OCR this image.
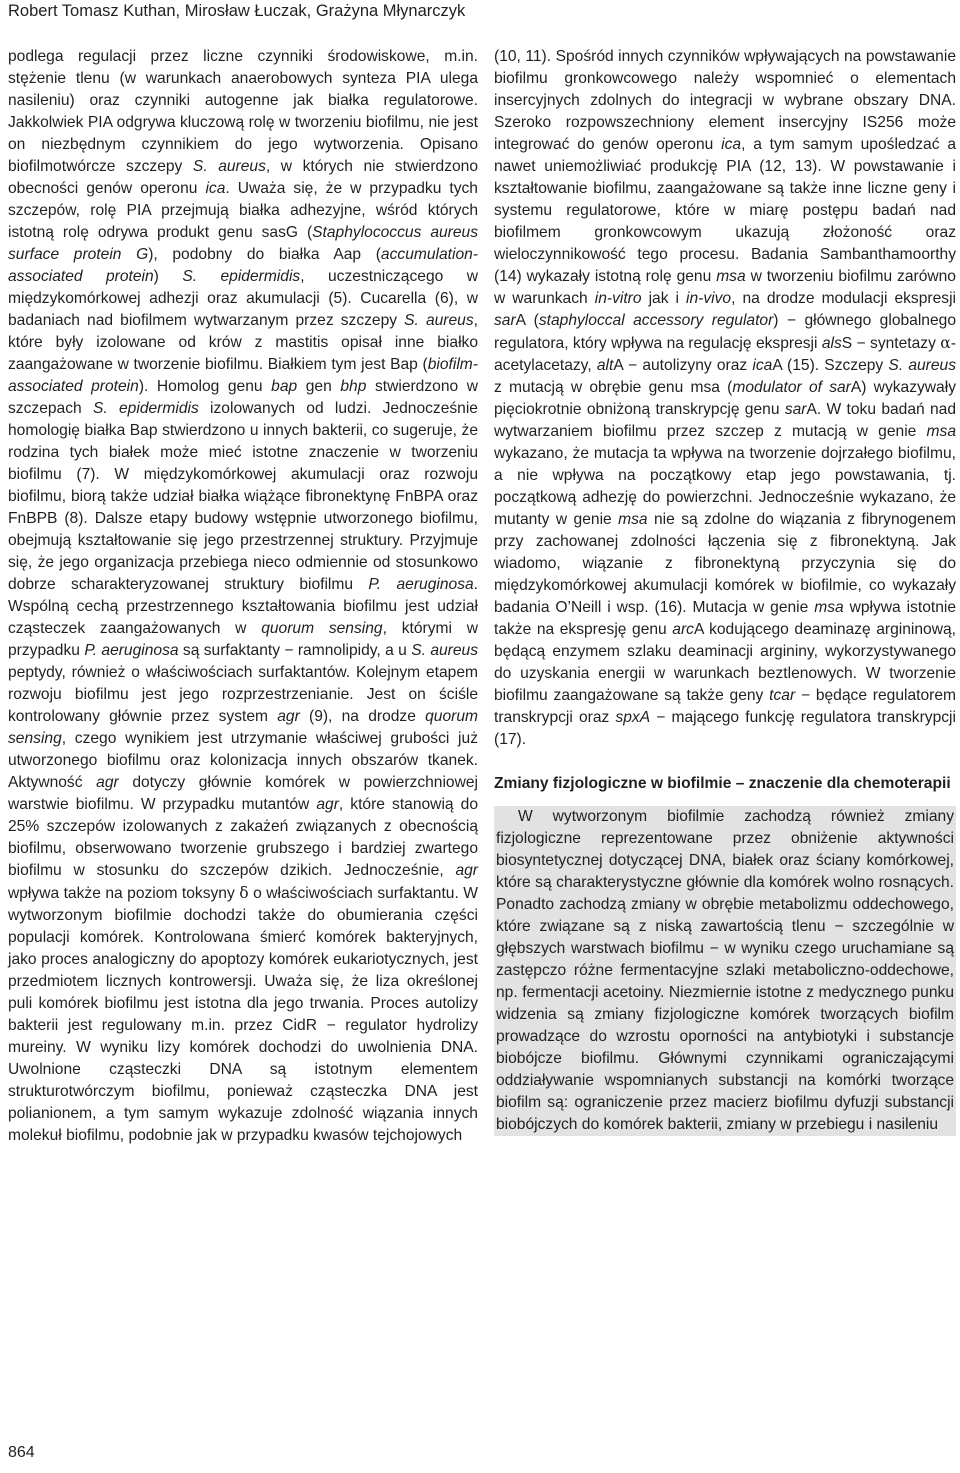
Robert Tomasz Kuthan, Mirosław Łuczak, Grażyna Młynarczyk

podlega regulacji przez liczne czynniki środowiskowe, m.in. stężenie tlenu (w warunkach anaerobowych synteza PIA ulega nasileniu) oraz czynniki autogenne jak białka regulatorowe. Jakkolwiek PIA odgrywa kluczową rolę w tworzeniu biofilmu, nie jest on niezbędnym czynnikiem do jego wytworzenia. Opisano biofilmotwórcze szczepy S. aureus, w których nie stwierdzono obecności genów operonu ica. Uważa się, że w przypadku tych szczepów, rolę PIA przejmują białka adhezyjne, wśród których istotną rolę odrywa produkt genu sasG (Staphylococcus aureus surface protein G), podobny do białka Aap (accumulation-associated protein) S. epidermidis, uczestniczącego w międzykomórkowej adhezji oraz akumulacji (5). Cucarella (6), w badaniach nad biofilmem wytwarzanym przez szczepy S. aureus, które były izolowane od krów z mastitis opisał inne białko zaangażowane w tworzenie biofilmu. Białkiem tym jest Bap (biofilm-associated protein). Homolog genu bap gen bhp stwierdzono w szczepach S. epidermidis izolowanych od ludzi. Jednocześnie homologię białka Bap stwierdzono u innych bakterii, co sugeruje, że rodzina tych białek może mieć istotne znaczenie w tworzeniu biofilmu (7). W międzykomórkowej akumulacji oraz rozwoju biofilmu, biorą także udział białka wiążące fibronektynę FnBPA oraz FnBPB (8). Dalsze etapy budowy wstępnie utworzonego biofilmu, obejmują kształtowanie się jego przestrzennej struktury. Przyjmuje się, że jego organizacja przebiega nieco odmiennie od stosunkowo dobrze scharakteryzowanej struktury biofilmu P. aeruginosa. Wspólną cechą przestrzennego kształtowania biofilmu jest udział cząsteczek zaangażowanych w quorum sensing, którymi w przypadku P. aeruginosa są surfaktanty − ramnolipidy, a u S. aureus peptydy, również o właściwościach surfaktantów. Kolejnym etapem rozwoju biofilmu jest jego rozprzestrzenianie. Jest on ściśle kontrolowany głównie przez system agr (9), na drodze quorum sensing, czego wynikiem jest utrzymanie właściwej grubości już utworzonego biofilmu oraz kolonizacja innych obszarów tkanek. Aktywność agr dotyczy głównie komórek w powierzchniowej warstwie biofilmu. W przypadku mutantów agr, które stanowią do 25% szczepów izolowanych z zakażeń związanych z obecnością biofilmu, obserwowano tworzenie grubszego i bardziej zwartego biofilmu w stosunku do szczepów dzikich. Jednocześnie, agr wpływa także na poziom toksyny δ o właściwościach surfaktantu. W wytworzonym biofilmie dochodzi także do obumierania części populacji komórek. Kontrolowana śmierć komórek bakteryjnych, jako proces analogiczny do apoptozy komórek eukariotycznych, jest przedmiotem licznych kontrowersji. Uważa się, że liza określonej puli komórek biofilmu jest istotna dla jego trwania. Proces autolizy bakterii jest regulowany m.in. przez CidR − regulator hydrolizy mureiny. W wyniku lizy komórek dochodzi do uwolnienia DNA. Uwolnione cząsteczki DNA są istotnym elementem strukturotwórczym biofilmu, ponieważ cząsteczka DNA jest polianionem, a tym samym wykazuje zdolność wiązania innych molekuł biofilmu, podobnie jak w przypadku kwasów tejchojowych

(10, 11). Spośród innych czynników wpływających na powstawanie biofilmu gronkowcowego należy wspomnieć o elementach insercyjnych zdolnych do integracji w wybrane obszary DNA. Szeroko rozpowszechniony element insercyjny IS256 może integrować do genów operonu ica, a tym samym upośledzać a nawet uniemożliwiać produkcję PIA (12, 13). W powstawanie i kształtowanie biofilmu, zaangażowane są także inne liczne geny i systemu regulatorowe, które w miarę postępu badań nad biofilmem gronkowcowym ukazują złożoność oraz wieloczynnikowość tego procesu. Badania Sambanthamoorthy (14) wykazały istotną rolę genu msa w tworzeniu biofilmu zarówno w warunkach in-vitro jak i in-vivo, na drodze modulacji ekspresji sarA (staphyloccal accessory regulator) − głównego globalnego regulatora, który wpływa na regulację ekspresji alsS − syntetazy α-acetylacetazy, altA − autolizyny oraz icaA (15). Szczepy S. aureus z mutacją w obrębie genu msa (modulator of sarA) wykazywały pięciokrotnie obniżoną transkrypcję genu sarA. W toku badań nad wytwarzaniem biofilmu przez szczep z mutacją w genie msa wykazano, że mutacja ta wpływa na tworzenie dojrzałego biofilmu, a nie wpływa na początkowy etap jego powstawania, tj. początkową adhezję do powierzchni. Jednocześnie wykazano, że mutanty w genie msa nie są zdolne do wiązania z fibrynogenem przy zachowanej zdolności łączenia się z fibronektyną. Jak wiadomo, wiązanie z fibronektyną przyczynia się do międzykomórkowej akumulacji komórek w biofilmie, co wykazały badania O’Neill i wsp. (16). Mutacja w genie msa wpływa istotnie także na ekspresję genu arcA kodującego deaminazę argininową, będącą enzymem szlaku deaminacji argininy, wykorzystywanego do uzyskania energii w warunkach beztlenowych. W tworzenie biofilmu zaangażowane są także geny tcar − będące regulatorem transkrypcji oraz spxA − mającego funkcję regulatora transkrypcji (17).

Zmiany fizjologiczne w biofilmie – znaczenie dla chemoterapii

W wytworzonym biofilmie zachodzą również zmiany fizjologiczne reprezentowane przez obniżenie aktywności biosyntetycznej dotyczącej DNA, białek oraz ściany komórkowej, które są charakterystyczne głównie dla komórek wolno rosnących. Ponadto zachodzą zmiany w obrębie metabolizmu oddechowego, które związane są z niską zawartością tlenu − szczególnie w głębszych warstwach biofilmu − w wyniku czego uruchamiane są zastępczo różne fermentacyjne szlaki metaboliczno-oddechowe, np. fermentacji acetoiny. Niezmiernie istotne z medycznego punku widzenia są zmiany fizjologiczne komórek tworzących biofilm prowadzące do wzrostu oporności na antybiotyki i substancje biobójcze biofilmu. Głównymi czynnikami ograniczającymi oddziaływanie wspomnianych substancji na komórki tworzące biofilm są: ograniczenie przez macierz biofilmu dyfuzji substancji biobójczych do komórek bakterii, zmiany w przebiegu i nasileniu

864
